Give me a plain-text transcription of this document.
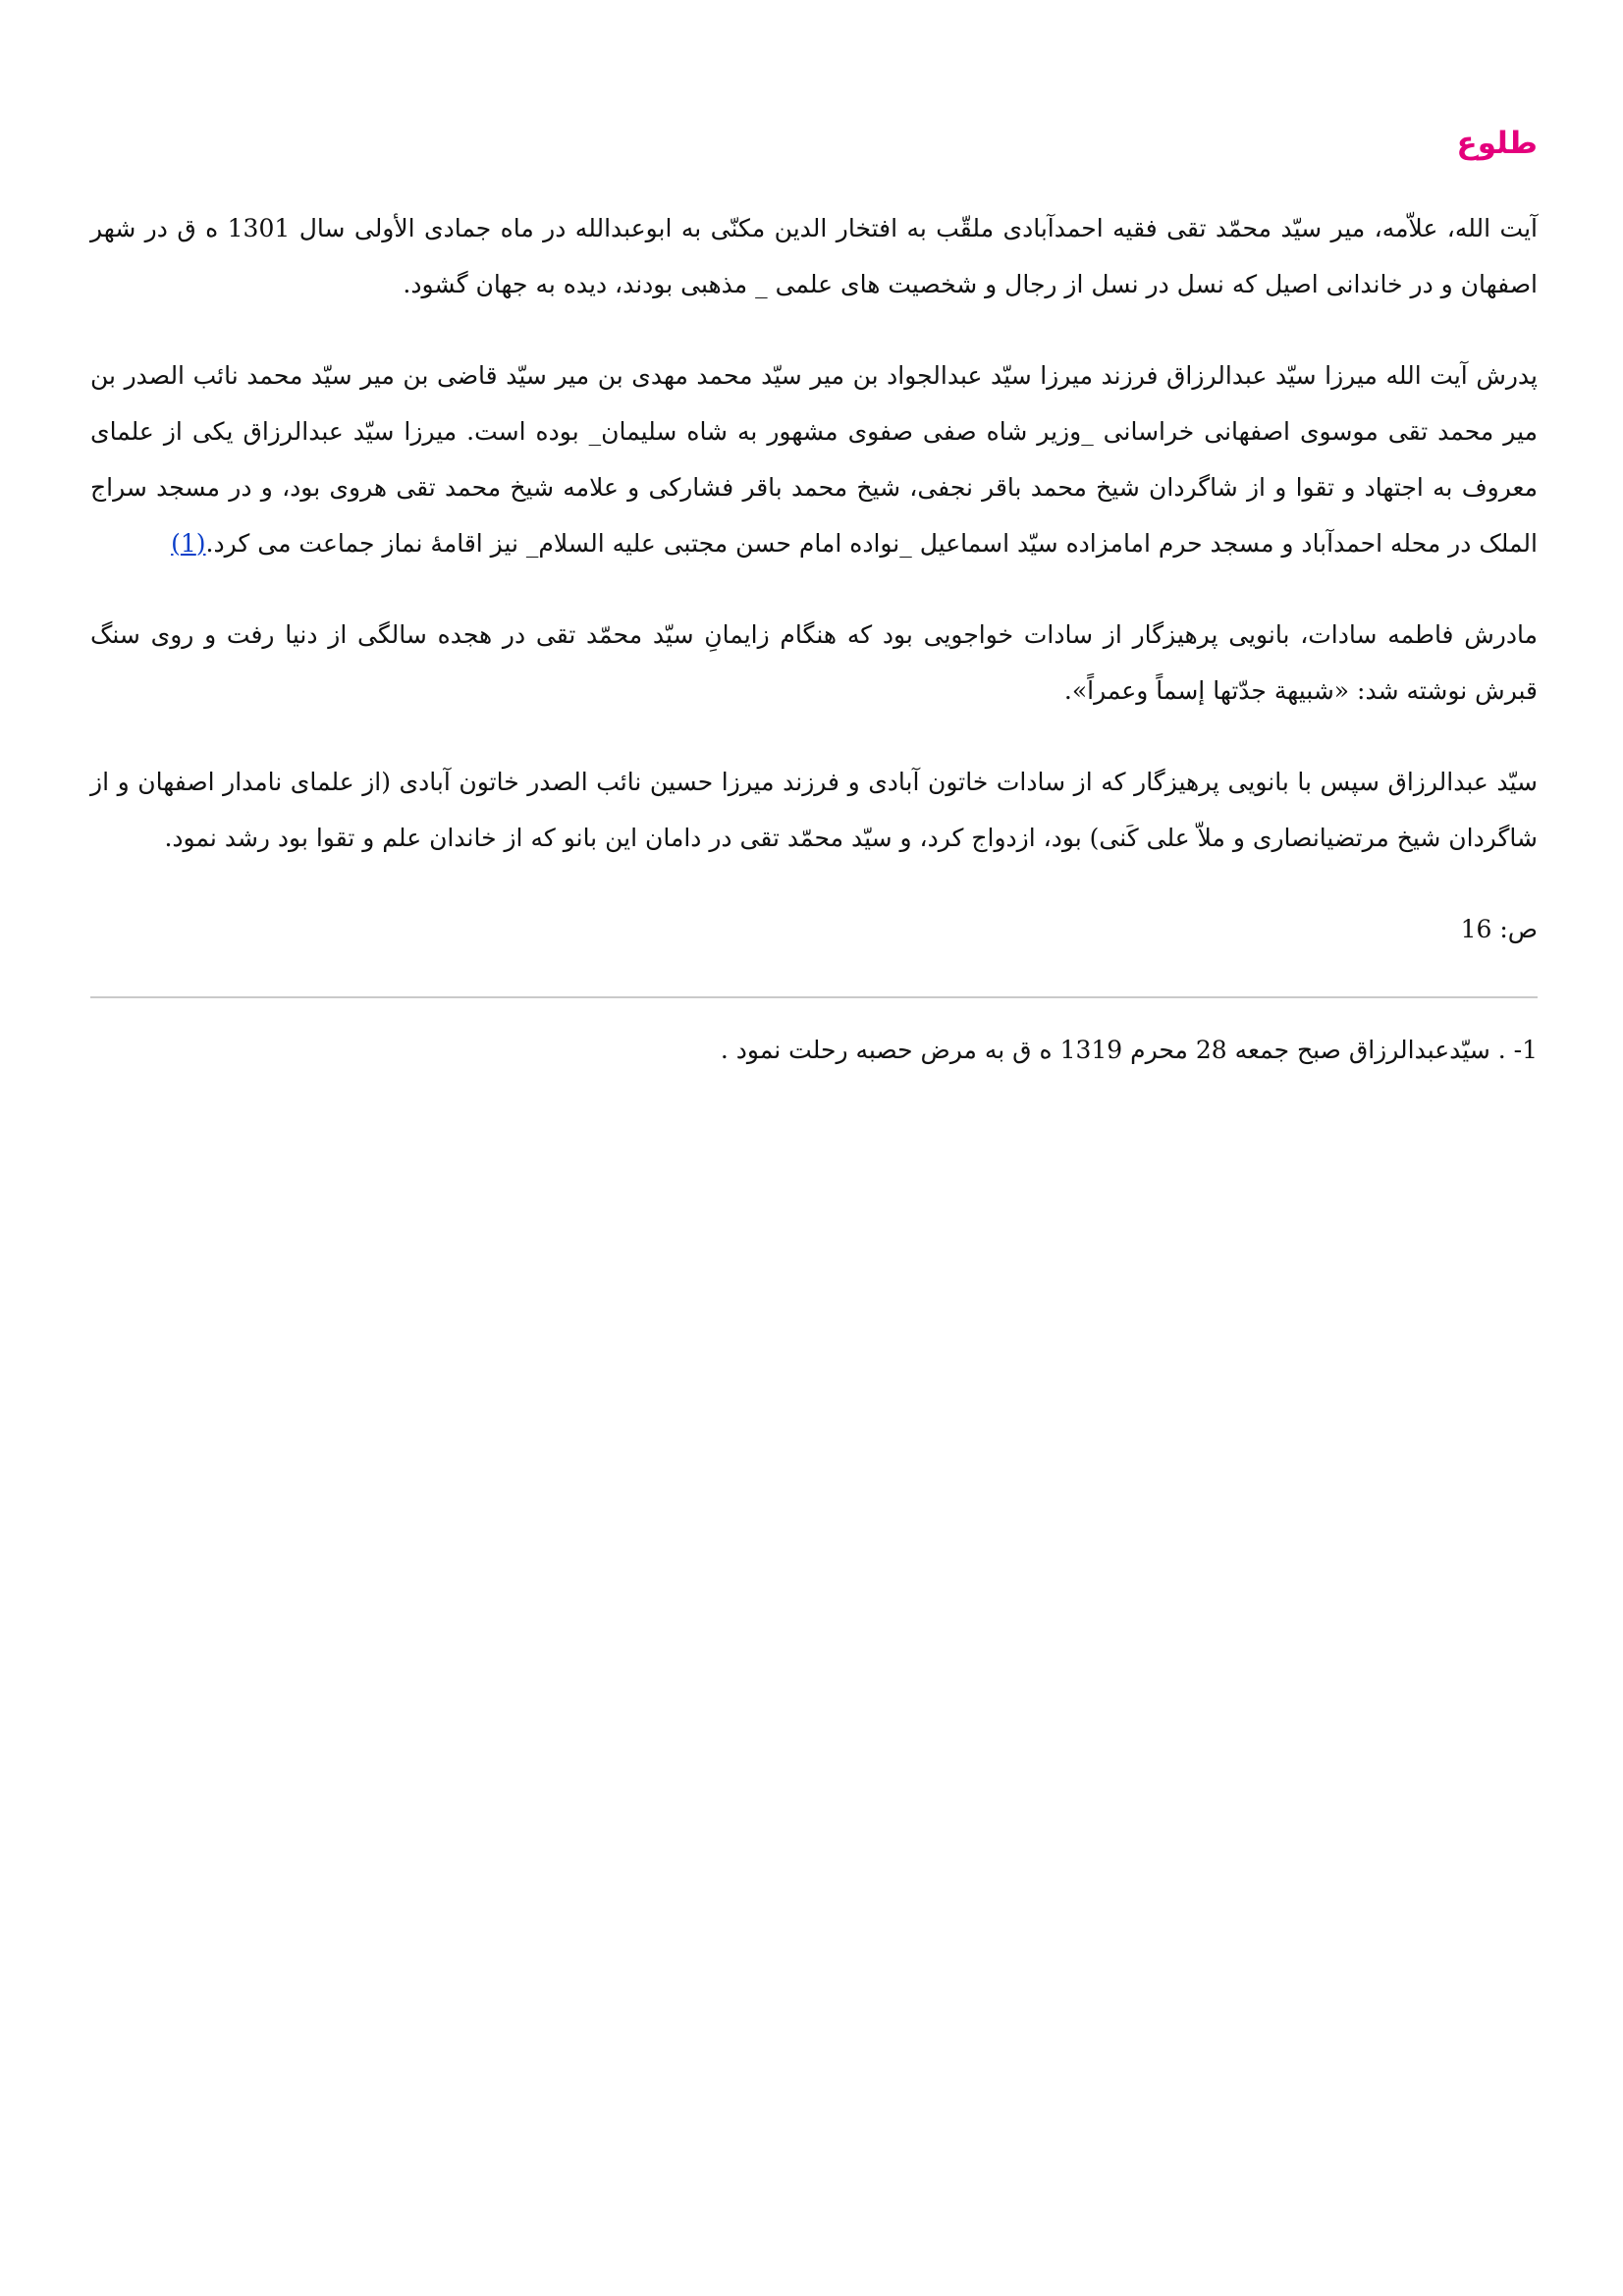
طلوع

آیت الله، علاّمه، میر سیّد محمّد تقی فقیه احمدآبادی ملقّب به افتخار الدین مکنّی به ابوعبدالله در ماه جمادی الأولی سال 1301 ه ق در شهر اصفهان و در خاندانی اصیل که نسل در نسل از رجال و شخصیت های علمی _ مذهبی بودند، دیده به جهان گشود.

پدرش آیت الله میرزا سیّد عبدالرزاق فرزند میرزا سیّد عبدالجواد بن میر سیّد محمد مهدی بن میر سیّد قاضی بن میر سیّد محمد نائب الصدر بن میر محمد تقی موسوی اصفهانی خراسانی _وزیر شاه صفی صفوی مشهور به شاه سلیمان_ بوده است. میرزا سیّد عبدالرزاق یکی از علمای معروف به اجتهاد و تقوا و از شاگردان شیخ محمد باقر نجفی، شیخ محمد باقر فشارکی و علامه شیخ محمد تقی هروی بود، و در مسجد سراج الملک در محله احمدآباد و مسجد حرم امامزاده سیّد اسماعیل _نواده امام حسن مجتبی علیه السلام_ نیز اقامهٔ نماز جماعت می کرد.(1)

مادرش فاطمه سادات، بانویی پرهیزگار از سادات خواجویی بود که هنگام زایمانِ سیّد محمّد تقی در هجده سالگی از دنیا رفت و روی سنگ قبرش نوشته شد: «شبیهة جدّتها إسماً وعمراً».

سیّد عبدالرزاق سپس با بانویی پرهیزگار که از سادات خاتون آبادی و فرزند میرزا حسین نائب الصدر خاتون آبادی (از علمای نامدار اصفهان و از شاگردان شیخ مرتضیانصاری و ملاّ علی کَنی) بود، ازدواج کرد، و سیّد محمّد تقی در دامان این بانو که از خاندان علم و تقوا بود رشد نمود.

ص: 16
1- . سیّدعبدالرزاق صبح جمعه 28 محرم 1319 ه ق به مرض حصبه رحلت نمود .
